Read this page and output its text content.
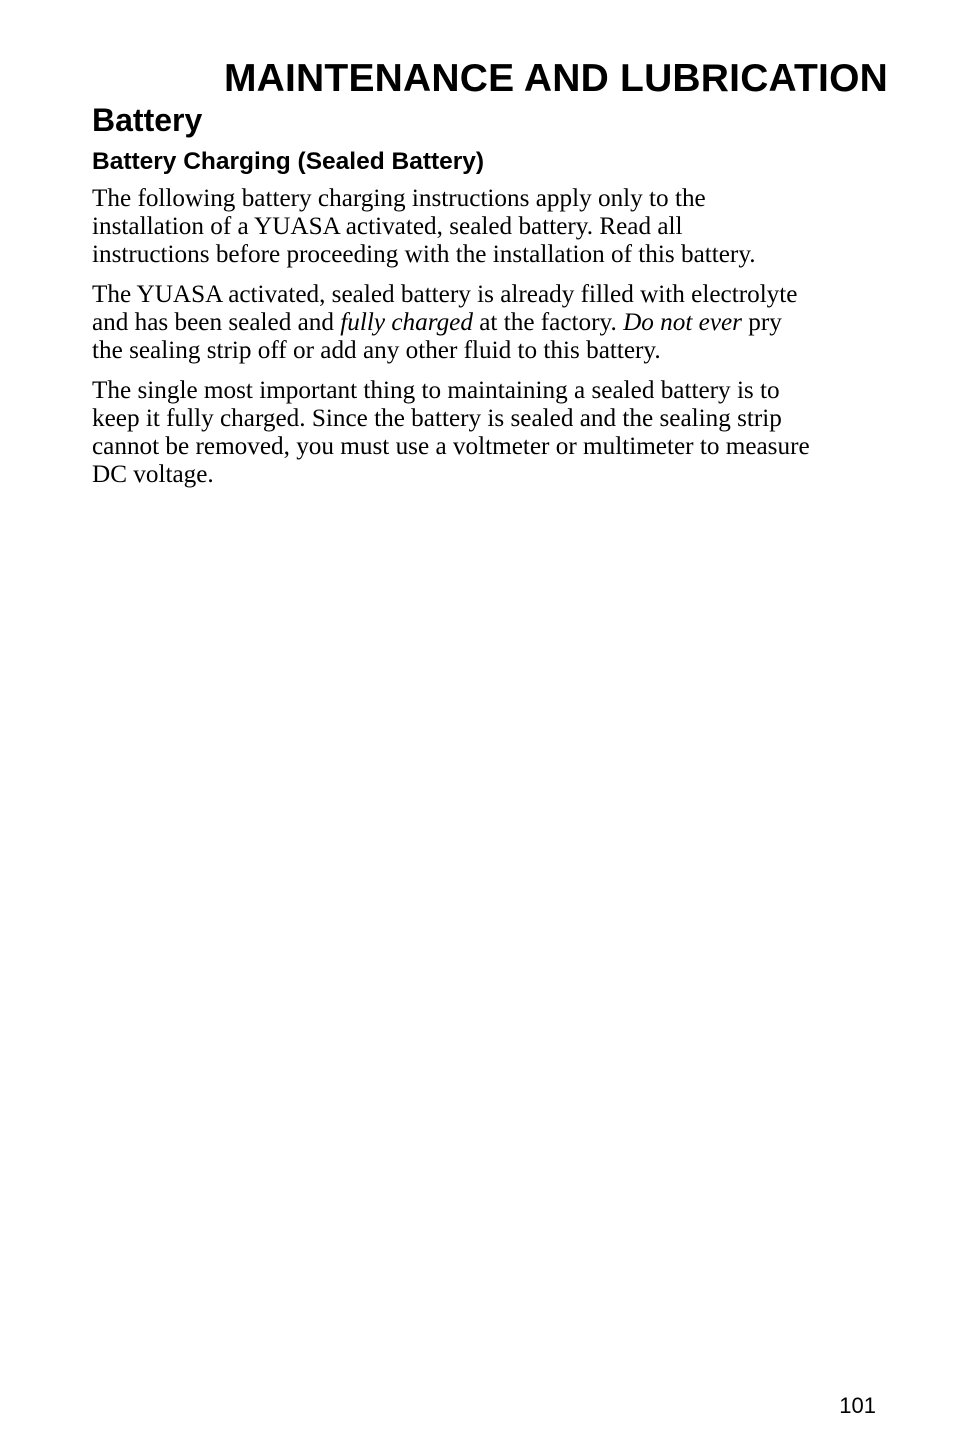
MAINTENANCE AND LUBRICATION
Battery
Battery Charging (Sealed Battery)

The following battery charging instructions apply only to the
installation of a YUASA activated, sealed battery. Read all
instructions before proceeding with the installation of this battery.

The YUASA activated, sealed battery is already filled with electrolyte
and has been sealed and fully charged at the factory. Do not ever pry
the sealing strip off or add any other fluid to this battery.

The single most important thing to maintaining a sealed battery is to
keep it fully charged. Since the battery is sealed and the sealing strip
cannot be removed, you must use a voltmeter or multimeter to measure
DC voltage.

101
